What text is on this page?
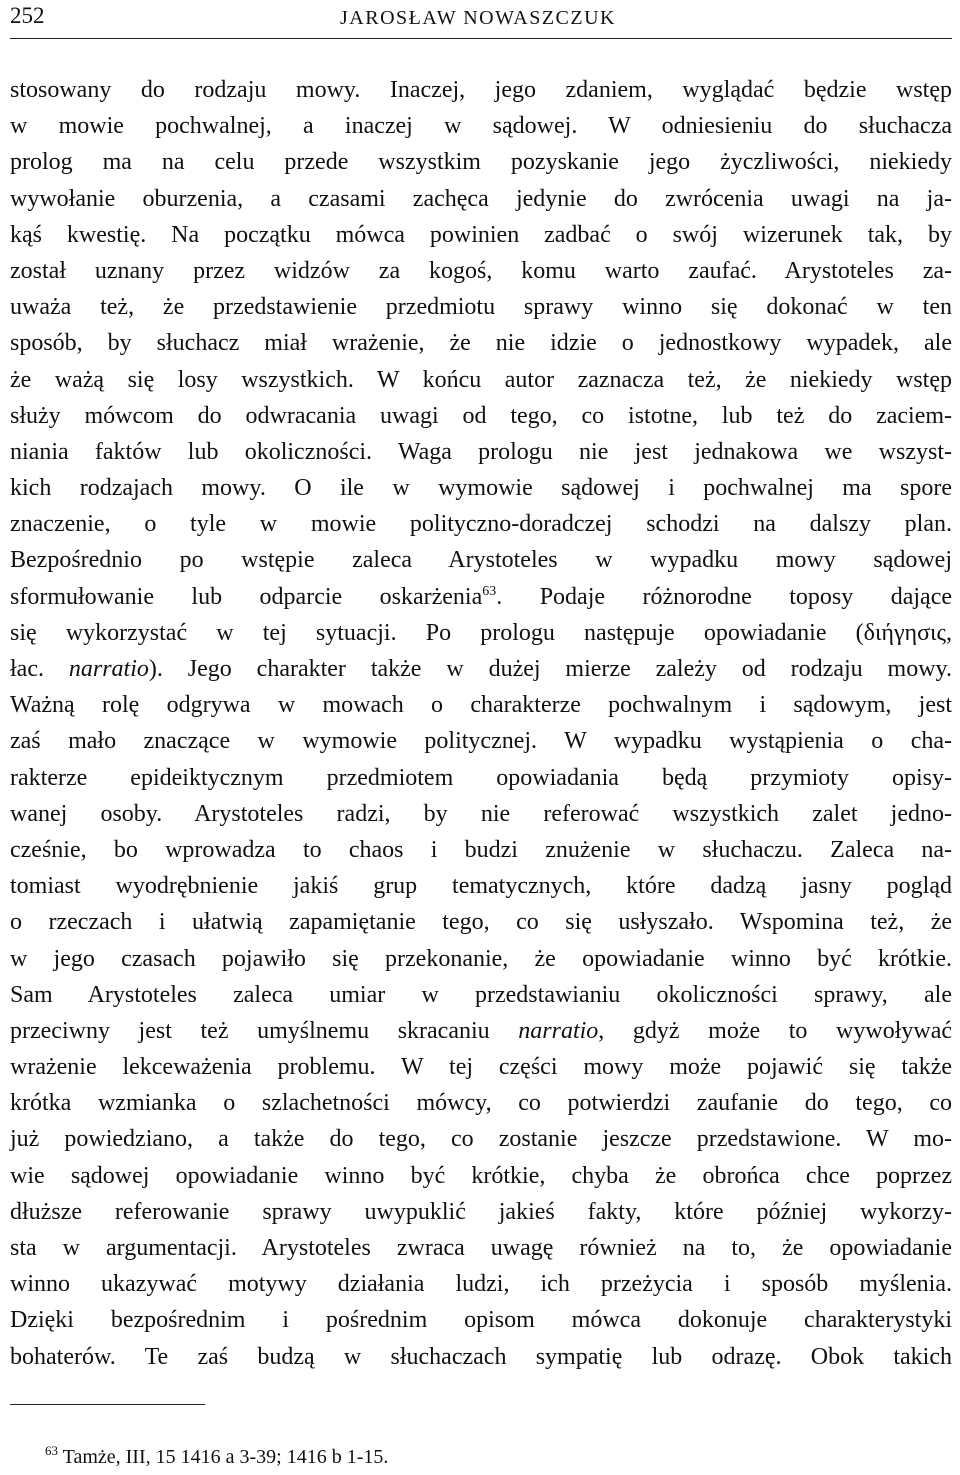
252	JAROSŁAW NOWASZCZUK
stosowany do rodzaju mowy. Inaczej, jego zdaniem, wyglądać będzie wstęp
w mowie pochwalnej, a inaczej w sądowej. W odniesieniu do słuchacza
prolog ma na celu przede wszystkim pozyskanie jego życzliwości, niekiedy
wywołanie oburzenia, a czasami zachęca jedynie do zwrócenia uwagi na ja-
kąś kwestię. Na początku mówca powinien zadbać o swój wizerunek tak, by
został uznany przez widzów za kogoś, komu warto zaufać. Arystoteles za-
uważa też, że przedstawienie przedmiotu sprawy winno się dokonać w ten
sposób, by słuchacz miał wrażenie, że nie idzie o jednostkowy wypadek, ale
że ważą się losy wszystkich. W końcu autor zaznacza też, że niekiedy wstęp
służy mówcom do odwracania uwagi od tego, co istotne, lub też do zaciem-
niania faktów lub okoliczności. Waga prologu nie jest jednakowa we wszyst-
kich rodzajach mowy. O ile w wymowie sądowej i pochwalnej ma spore
znaczenie, o tyle w mowie polityczno-doradczej schodzi na dalszy plan.
Bezpośrednio po wstępie zaleca Arystoteles w wypadku mowy sądowej
sformułowanie lub odparcie oskarżenia$^{63}$. Podaje różnorodne toposy dające
się wykorzystać w tej sytuacji. Po prologu następuje opowiadanie (διήγησις,
łac. narratio). Jego charakter także w dużej mierze zależy od rodzaju mowy.
Ważną rolę odgrywa w mowach o charakterze pochwalnym i sądowym, jest
zaś mało znaczące w wymowie politycznej. W wypadku wystąpienia o cha-
rakterze epideiktycznym przedmiotem opowiadania będą przymioty opisy-
wanej osoby. Arystoteles radzi, by nie referować wszystkich zalet jedno-
cześnie, bo wprowadza to chaos i budzi znużenie w słuchaczu. Zaleca na-
tomiast wyodrębnienie jakiś grup tematycznych, które dadzą jasny pogląd
o rzeczach i ułatwią zapamiętanie tego, co się usłyszało. Wspomina też, że
w jego czasach pojawiło się przekonanie, że opowiadanie winno być krótkie.
Sam Arystoteles zaleca umiar w przedstawianiu okoliczności sprawy, ale
przeciwny jest też umyślnemu skracaniu narratio, gdyż może to wywoływać
wrażenie lekceważenia problemu. W tej części mowy może pojawić się także
krótka wzmianka o szlachetności mówcy, co potwierdzi zaufanie do tego, co
już powiedziano, a także do tego, co zostanie jeszcze przedstawione. W mo-
wie sądowej opowiadanie winno być krótkie, chyba że obrońca chce poprzez
dłuższe referowanie sprawy uwypuklić jakieś fakty, które później wykorzy-
sta w argumentacji. Arystoteles zwraca uwagę również na to, że opowiadanie
winno ukazywać motywy działania ludzi, ich przeżycia i sposób myślenia.
Dzięki bezpośrednim i pośrednim opisom mówca dokonuje charakterystyki
bohaterów. Te zaś budzą w słuchaczach sympatię lub odrazę. Obok takich
$^{63}$ Tamże, III, 15 1416 a 3-39; 1416 b 1-15.
